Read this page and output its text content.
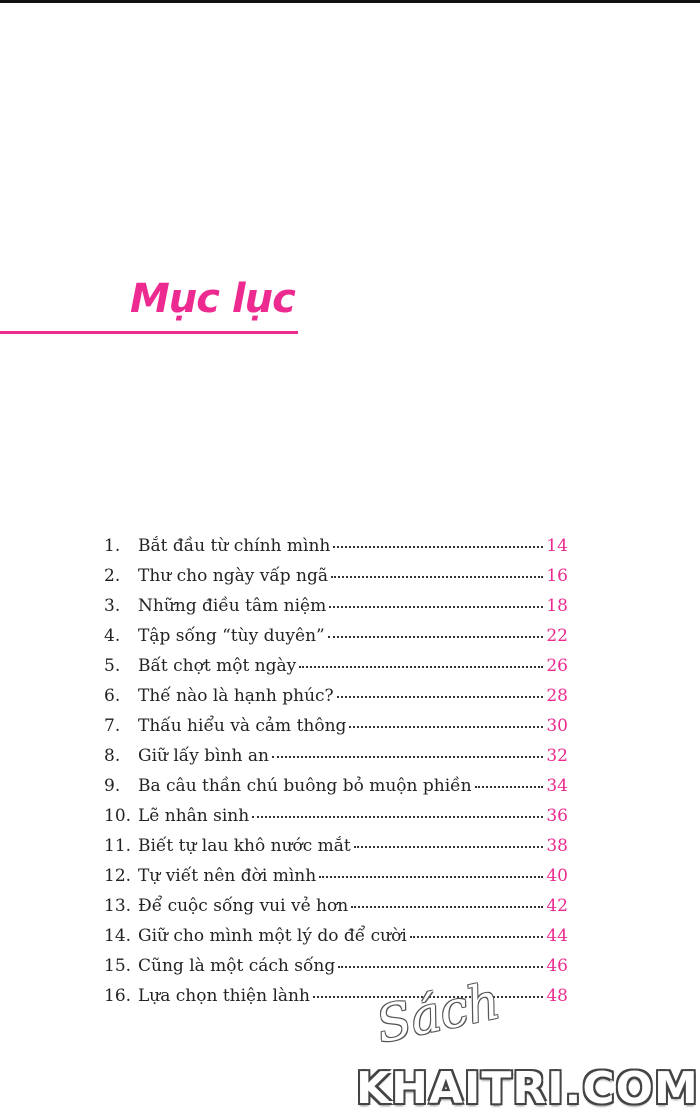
Mục lục
1.	Bắt đầu từ chính mình	14
2.	Thư cho ngày vấp ngã	16
3.	Những điều tâm niệm	18
4.	Tập sống “tùy duyên”	22
5.	Bất chợt một ngày	26
6.	Thế nào là hạnh phúc?	28
7.	Thấu hiểu và cảm thông	30
8.	Giữ lấy bình an	32
9.	Ba câu thần chú buông bỏ muộn phiền	34
10. Lẽ nhân sinh	36
11. Biết tự lau khô nước mắt	38
12. Tự viết nên đời mình	40
13. Để cuộc sống vui vẻ hơn	42
14. Giữ cho mình một lý do để cười	44
15. Cũng là một cách sống	46
16. Lựa chọn thiện lành	48
Sách
KHAITRI.COM
